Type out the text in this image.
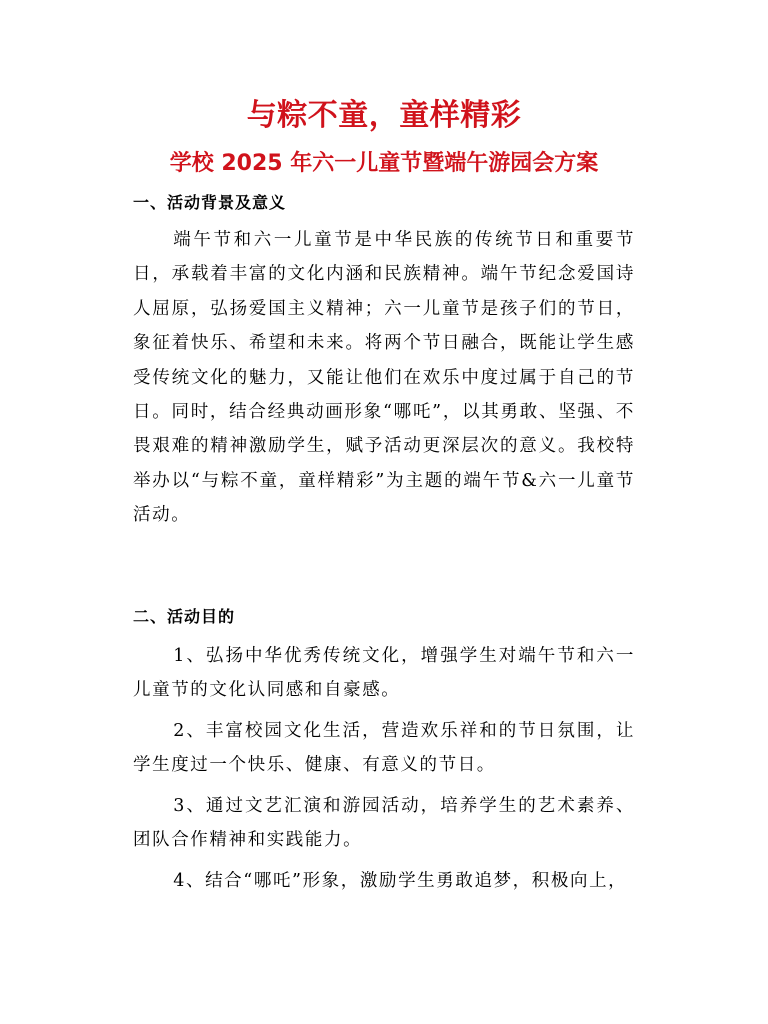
与粽不童，童样精彩
学校 2025 年六一儿童节暨端午游园会方案
一、活动背景及意义

端午节和六一儿童节是中华民族的传统节日和重要节日，承载着丰富的文化内涵和民族精神。端午节纪念爱国诗人屈原，弘扬爱国主义精神；六一儿童节是孩子们的节日，象征着快乐、希望和未来。将两个节日融合，既能让学生感受传统文化的魅力，又能让他们在欢乐中度过属于自己的节日。同时，结合经典动画形象“哪吒”，以其勇敢、坚强、不畏艰难的精神激励学生，赋予活动更深层次的意义。我校特举办以“与粽不童，童样精彩”为主题的端午节&六一儿童节活动。

二、活动目的

1、弘扬中华优秀传统文化，增强学生对端午节和六一儿童节的文化认同感和自豪感。

2、丰富校园文化生活，营造欢乐祥和的节日氛围，让学生度过一个快乐、健康、有意义的节日。

3、通过文艺汇演和游园活动，培养学生的艺术素养、团队合作精神和实践能力。

4、结合“哪吒”形象，激励学生勇敢追梦，积极向上，
